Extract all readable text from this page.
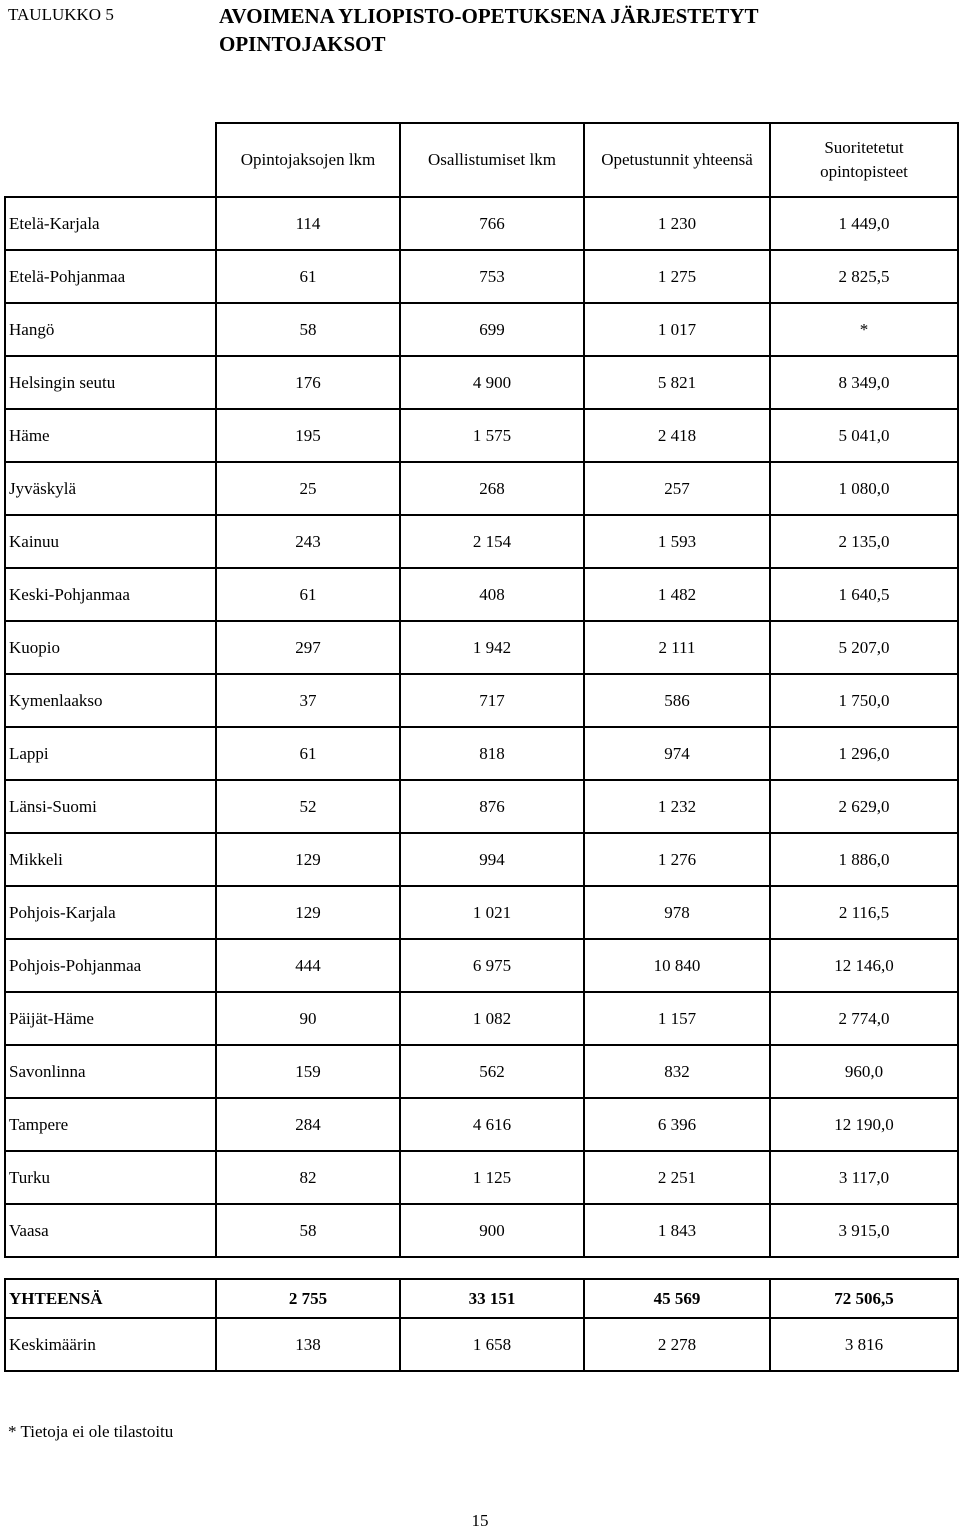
TAULUKKO 5	AVOIMENA YLIOPISTO-OPETUKSENA JÄRJESTETYT OPINTOJAKSOT
	Opintojaksojen lkm	Osallistumiset lkm	Opetustunnit yhteensä	Suoritetetut opintopisteet
Etelä-Karjala	114	766	1 230	1 449,0
Etelä-Pohjanmaa	61	753	1 275	2 825,5
Hangö	58	699	1 017	*
Helsingin seutu	176	4 900	5 821	8 349,0
Häme	195	1 575	2 418	5 041,0
Jyväskylä	25	268	257	1 080,0
Kainuu	243	2 154	1 593	2 135,0
Keski-Pohjanmaa	61	408	1 482	1 640,5
Kuopio	297	1 942	2 111	5 207,0
Kymenlaakso	37	717	586	1 750,0
Lappi	61	818	974	1 296,0
Länsi-Suomi	52	876	1 232	2 629,0
Mikkeli	129	994	1 276	1 886,0
Pohjois-Karjala	129	1 021	978	2 116,5
Pohjois-Pohjanmaa	444	6 975	10 840	12 146,0
Päijät-Häme	90	1 082	1 157	2 774,0
Savonlinna	159	562	832	960,0
Tampere	284	4 616	6 396	12 190,0
Turku	82	1 125	2 251	3 117,0
Vaasa	58	900	1 843	3 915,0

YHTEENSÄ	2 755	33 151	45 569	72 506,5
Keskimäärin	138	1 658	2 278	3 816
* Tietoja ei ole tilastoitu
15
